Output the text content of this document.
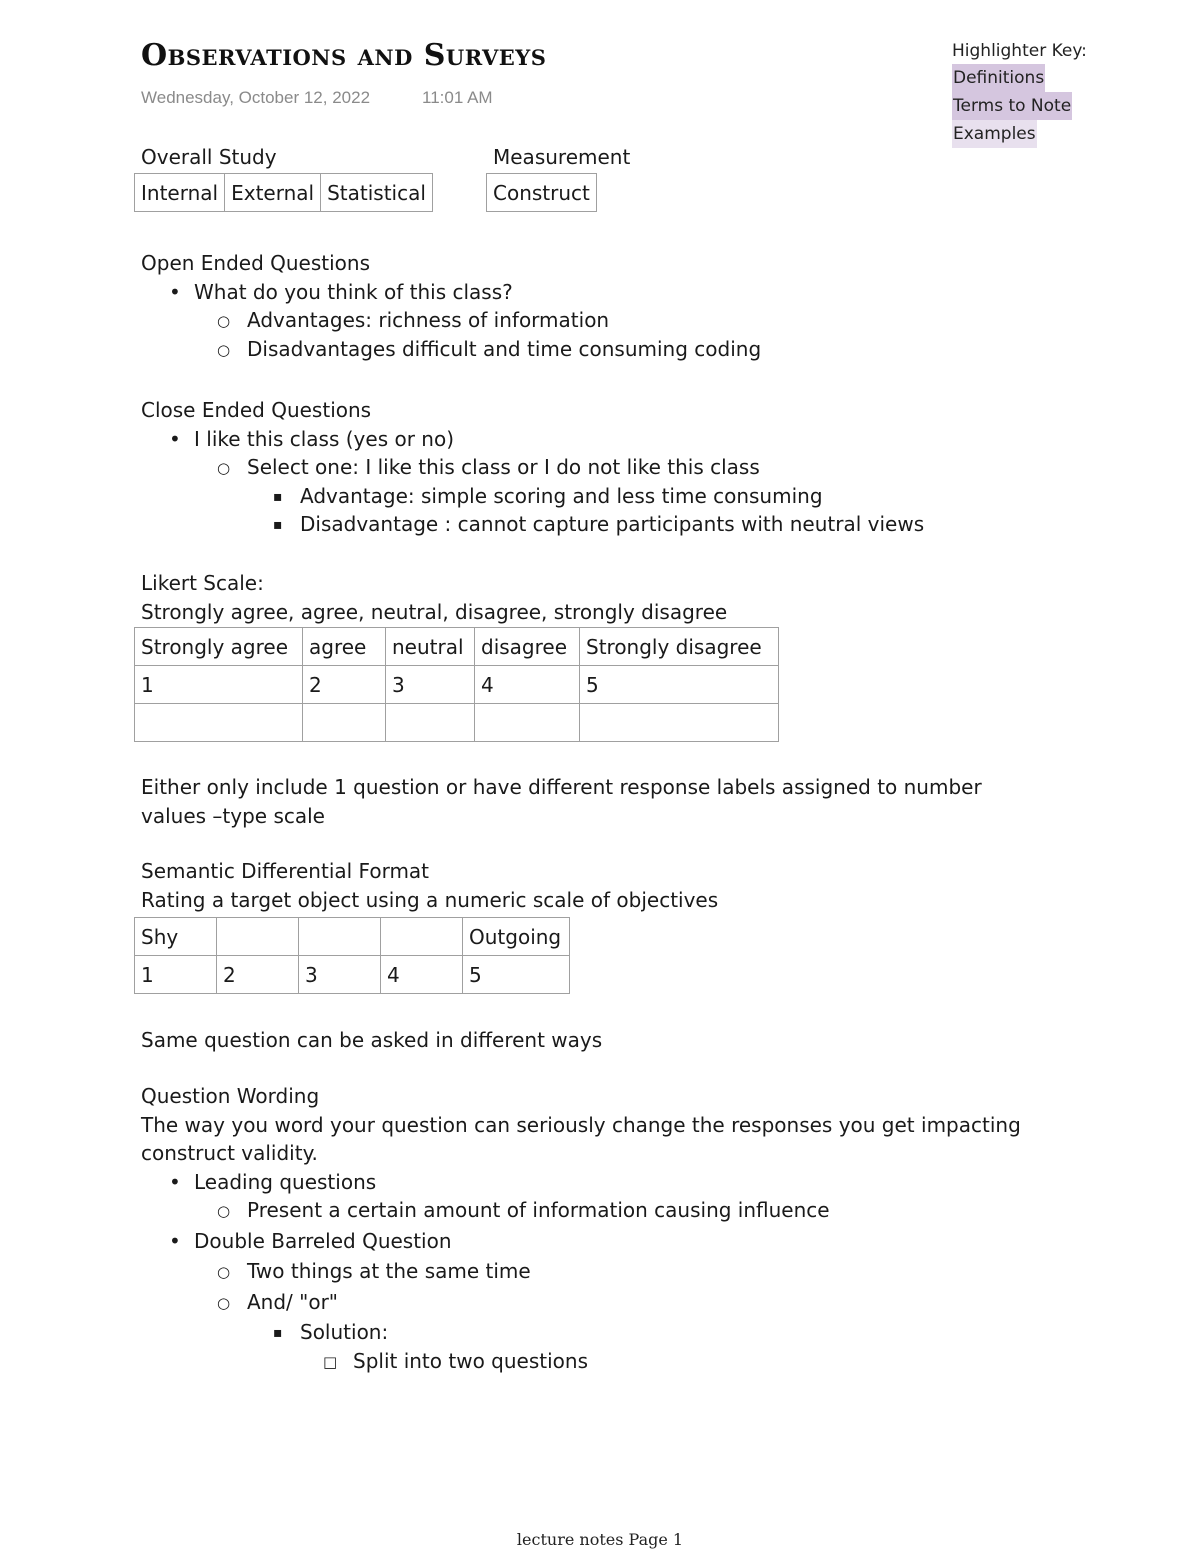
Observations and Surveys
Wednesday, October 12, 2022	11:01 AM
Highlighter Key:
Definitions
Terms to Note
Examples
Overall Study	Measurement
Internal	External	Statistical	Construct
Open Ended Questions
• What do you think of this class?
○ Advantages: richness of information
○ Disadvantages difficult and time consuming coding
Close Ended Questions
• I like this class (yes or no)
○ Select one: I like this class or I do not like this class
▪ Advantage: simple scoring and less time consuming
▪ Disadvantage : cannot capture participants with neutral views
Likert Scale:
Strongly agree, agree, neutral, disagree, strongly disagree
Strongly agree	agree	neutral	disagree	Strongly disagree
1	2	3	4	5

Either only include 1 question or have different response labels assigned to number
values –type scale
Semantic Differential Format
Rating a target object using a numeric scale of objectives
Shy				Outgoing
1	2	3	4	5
Same question can be asked in different ways
Question Wording
The way you word your question can seriously change the responses you get impacting
construct validity.
• Leading questions
○ Present a certain amount of information causing influence
• Double Barreled Question
○ Two things at the same time
○ And/ "or"
▪ Solution:
□ Split into two questions
lecture notes Page 1
